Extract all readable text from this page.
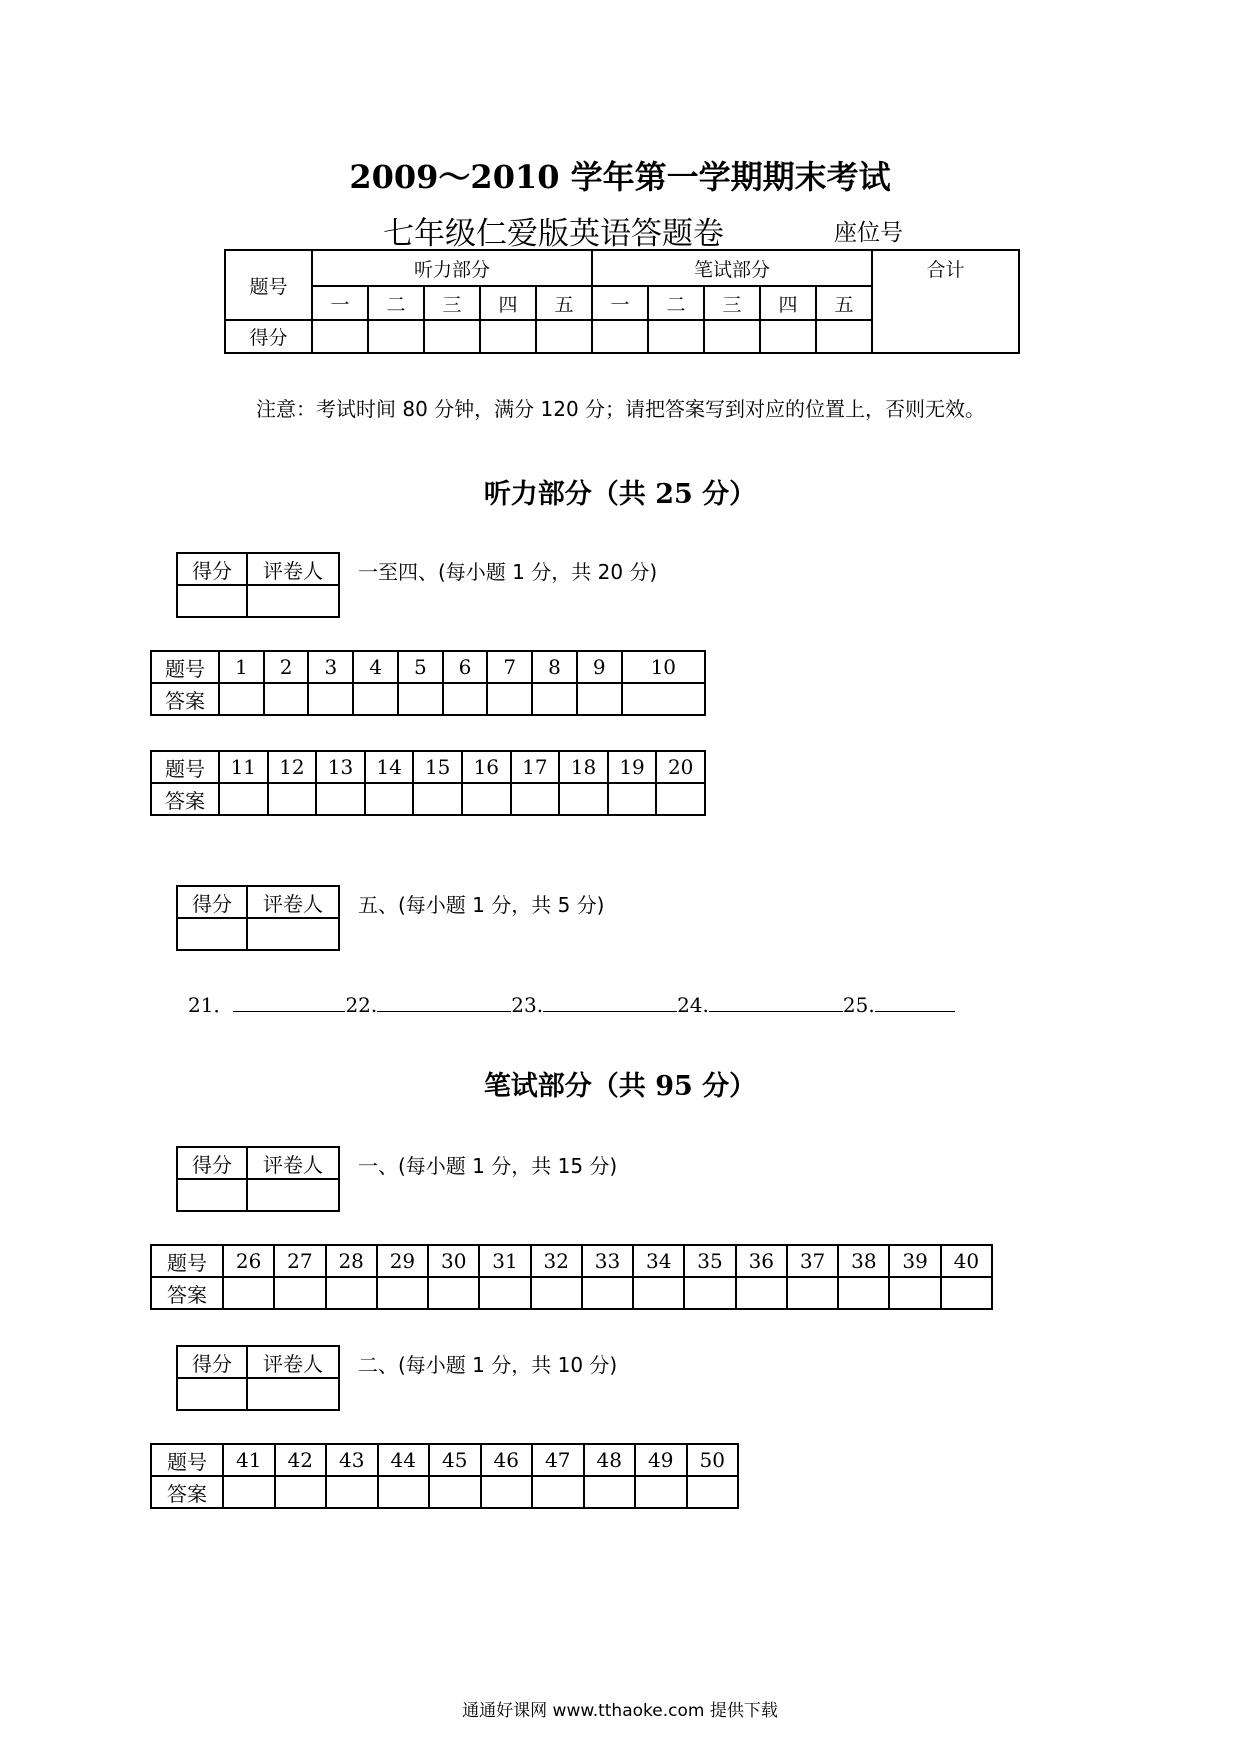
2009～2010 学年第一学期期末考试
七年级仁爱版英语答题卷	座位号
题号	听力部分					笔试部分					合计
	一	二	三	四	五	一	二	三	四	五	
得分											
注意：考试时间 80 分钟，满分 120 分；请把答案写到对应的位置上，否则无效。
听力部分（共 25 分）
得分	评卷人
	一至四、(每小题 1 分，共 20 分)
题号	1	2	3	4	5	6	7	8	9	10
答案										
题号	11	12	13	14	15	16	17	18	19	20
答案										
得分	评卷人
	五、(每小题 1 分，共 5 分)
21．	22.	23.	24.	25.
笔试部分（共 95 分）
得分	评卷人
	一、(每小题 1 分，共 15 分)
题号	26	27	28	29	30	31	32	33	34	35	36	37	38	39	40
答案															
得分	评卷人
	二、(每小题 1 分，共 10 分)
题号	41	42	43	44	45	46	47	48	49	50
答案										
通通好课网 www.tthaoke.com 提供下载
